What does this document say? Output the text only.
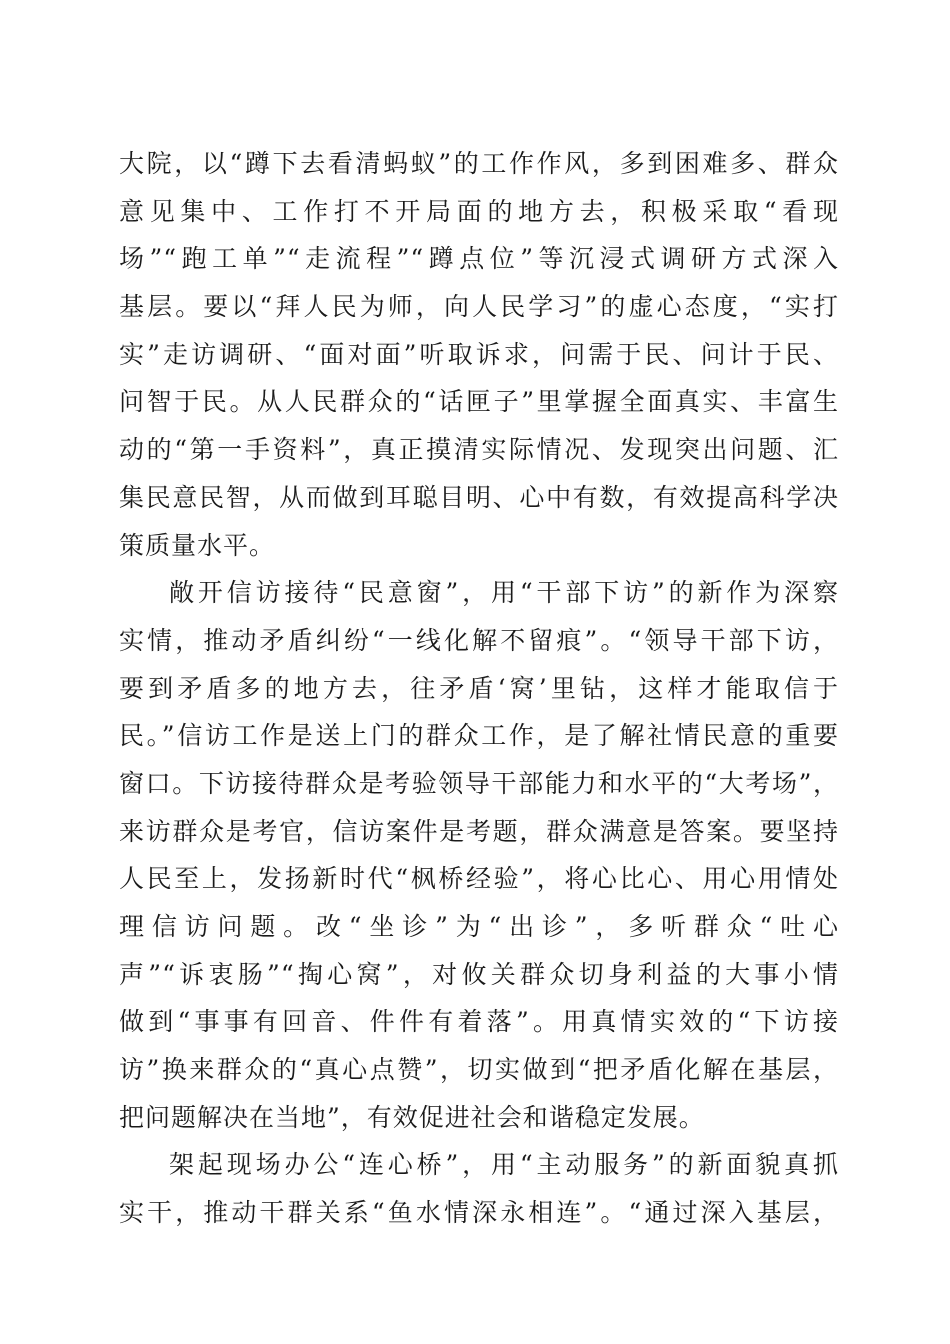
大院，以“蹲下去看清蚂蚁”的工作作风，多到困难多、群众
意见集中、工作打不开局面的地方去，积极采取“看现
场”“跑工单”“走流程”“蹲点位”等沉浸式调研方式深入
基层。要以“拜人民为师，向人民学习”的虚心态度，“实打
实”走访调研、“面对面”听取诉求，问需于民、问计于民、
问智于民。从人民群众的“话匣子”里掌握全面真实、丰富生
动的“第一手资料”，真正摸清实际情况、发现突出问题、汇
集民意民智，从而做到耳聪目明、心中有数，有效提高科学决
策质量水平。
敞开信访接待“民意窗”，用“干部下访”的新作为深察
实情，推动矛盾纠纷“一线化解不留痕”。“领导干部下访，
要到矛盾多的地方去，往矛盾‘窝’里钻，这样才能取信于
民。”信访工作是送上门的群众工作，是了解社情民意的重要
窗口。下访接待群众是考验领导干部能力和水平的“大考场”，
来访群众是考官，信访案件是考题，群众满意是答案。要坚持
人民至上，发扬新时代“枫桥经验”，将心比心、用心用情处
理信访问题。改“坐诊”为“出诊”，多听群众“吐心
声”“诉衷肠”“掏心窝”，对攸关群众切身利益的大事小情
做到“事事有回音、件件有着落”。用真情实效的“下访接
访”换来群众的“真心点赞”，切实做到“把矛盾化解在基层，
把问题解决在当地”，有效促进社会和谐稳定发展。
架起现场办公“连心桥”，用“主动服务”的新面貌真抓
实干，推动干群关系“鱼水情深永相连”。“通过深入基层，
